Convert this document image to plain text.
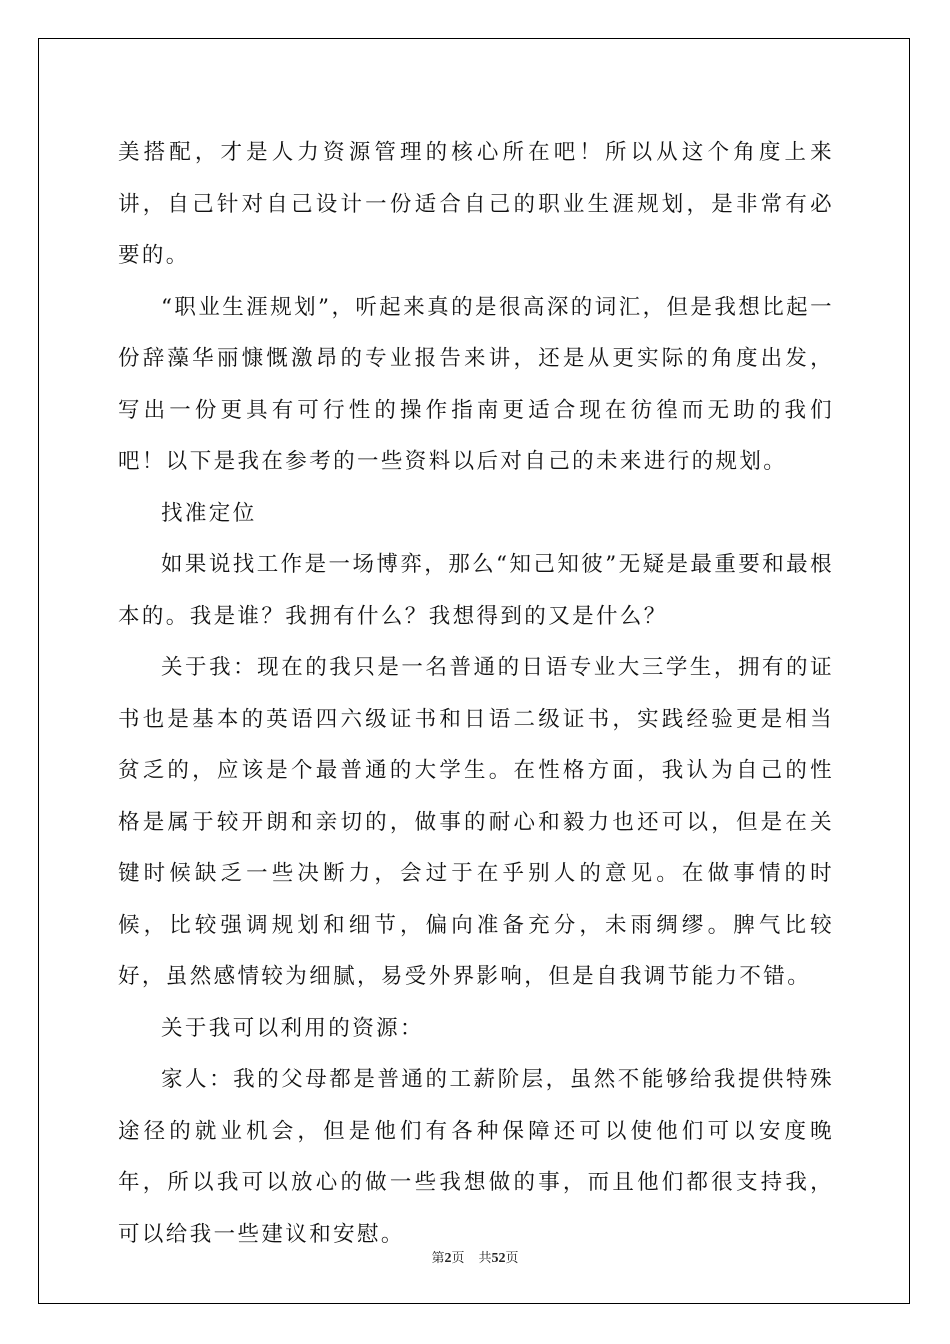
美搭配，才是人力资源管理的核心所在吧！所以从这个角度上来讲，自己针对自己设计一份适合自己的职业生涯规划，是非常有必要的。

“职业生涯规划”，听起来真的是很高深的词汇，但是我想比起一份辞藻华丽慷慨激昂的专业报告来讲，还是从更实际的角度出发，写出一份更具有可行性的操作指南更适合现在彷徨而无助的我们吧！以下是我在参考的一些资料以后对自己的未来进行的规划。

找准定位

如果说找工作是一场博弈，那么“知己知彼”无疑是最重要和最根本的。我是谁？我拥有什么？我想得到的又是什么？

关于我：现在的我只是一名普通的日语专业大三学生，拥有的证书也是基本的英语四六级证书和日语二级证书，实践经验更是相当贫乏的，应该是个最普通的大学生。在性格方面，我认为自己的性格是属于较开朗和亲切的，做事的耐心和毅力也还可以，但是在关键时候缺乏一些决断力，会过于在乎别人的意见。在做事情的时候，比较强调规划和细节，偏向准备充分，未雨绸缪。脾气比较好，虽然感情较为细腻，易受外界影响，但是自我调节能力不错。

关于我可以利用的资源：

家人：我的父母都是普通的工薪阶层，虽然不能够给我提供特殊途径的就业机会，但是他们有各种保障还可以使他们可以安度晚年，所以我可以放心的做一些我想做的事，而且他们都很支持我，可以给我一些建议和安慰。

第2页 共52页
